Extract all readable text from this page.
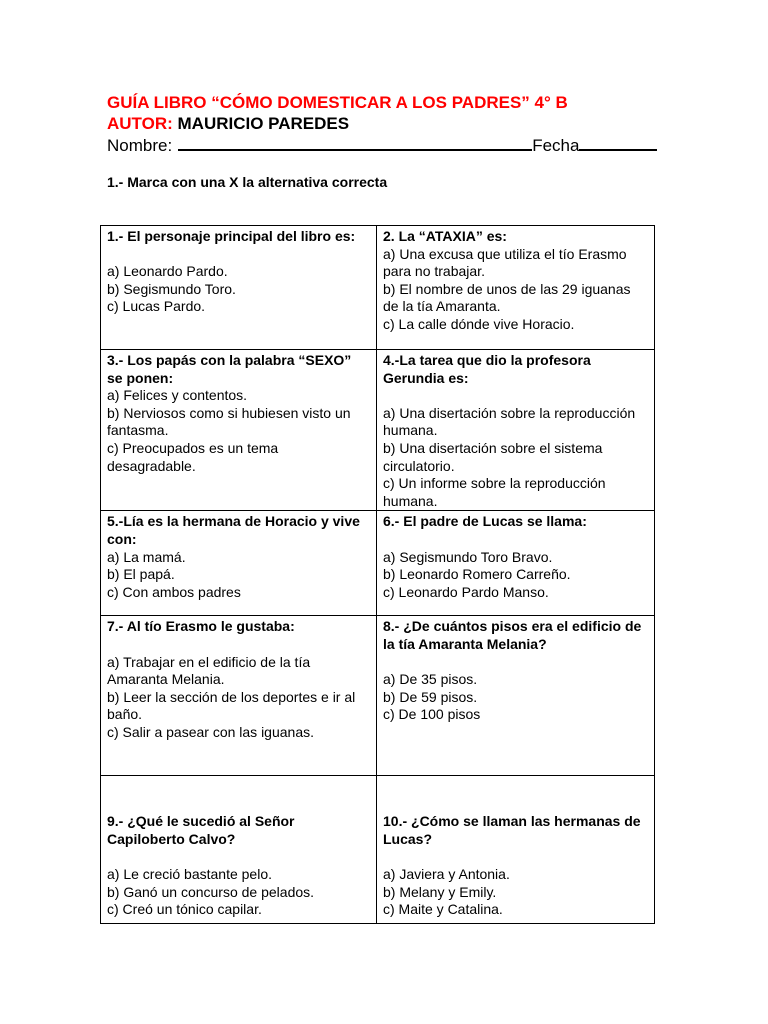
GUÍA LIBRO “CÓMO DOMESTICAR A LOS PADRES” 4° B
AUTOR: MAURICIO PAREDES
Nombre:	Fecha
1.- Marca con una X la alternativa correcta
1.- El personaje principal del libro es:
a) Leonardo Pardo.
b) Segismundo Toro.
c) Lucas Pardo.	2. La “ATAXIA” es:
a) Una excusa que utiliza el tío Erasmo para no trabajar.
b) El nombre de unos de las 29 iguanas de la tía Amaranta.
c) La calle dónde vive Horacio.

3.- Los papás con la palabra “SEXO” se ponen:
a) Felices y contentos.
b) Nerviosos como si hubiesen visto un fantasma.
c) Preocupados es un tema desagradable.	4.-La tarea que dio la profesora Gerundia es:
a) Una disertación sobre la reproducción humana.
b) Una disertación sobre el sistema circulatorio.
c) Un informe sobre la reproducción humana.

5.-Lía es la hermana de Horacio y vive con:
a) La mamá.
b) El papá.
c) Con ambos padres	6.- El padre de Lucas se llama:
a) Segismundo Toro Bravo.
b) Leonardo Romero Carreño.
c) Leonardo Pardo Manso.

7.- Al tío Erasmo le gustaba:
a) Trabajar en el edificio de la tía Amaranta Melania.
b) Leer la sección de los deportes e ir al baño.
c) Salir a pasear con las iguanas.	8.- ¿De cuántos pisos era el edificio de la tía Amaranta Melania?
a) De 35 pisos.
b) De 59 pisos.
c) De 100 pisos

9.- ¿Qué le sucedió al Señor Capiloberto Calvo?
a) Le creció bastante pelo.
b) Ganó un concurso de pelados.
c) Creó un tónico capilar.	10.- ¿Cómo se llaman las hermanas de Lucas?
a) Javiera y Antonia.
b) Melany y Emily.
c) Maite y Catalina.
